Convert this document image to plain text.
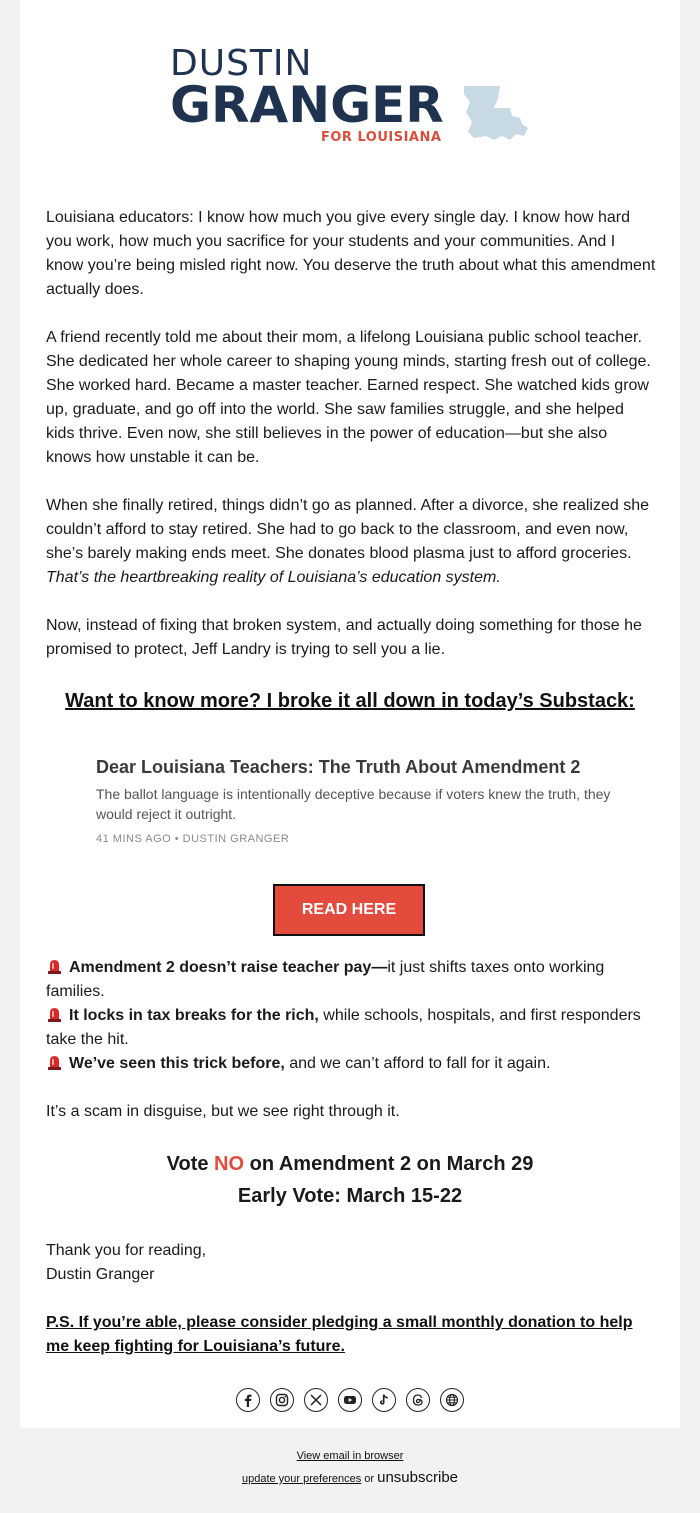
DUSTIN
GRANGER
FOR LOUISIANA

Louisiana educators: I know how much you give every single day. I know how hard you work, how much you sacrifice for your students and your communities. And I know you’re being misled right now. You deserve the truth about what this amendment actually does.

A friend recently told me about their mom, a lifelong Louisiana public school teacher. She dedicated her whole career to shaping young minds, starting fresh out of college. She worked hard. Became a master teacher. Earned respect. She watched kids grow up, graduate, and go off into the world. She saw families struggle, and she helped kids thrive. Even now, she still believes in the power of education—but she also knows how unstable it can be.

When she finally retired, things didn’t go as planned. After a divorce, she realized she couldn’t afford to stay retired. She had to go back to the classroom, and even now, she’s barely making ends meet. She donates blood plasma just to afford groceries. That’s the heartbreaking reality of Louisiana’s education system.

Now, instead of fixing that broken system, and actually doing something for those he promised to protect, Jeff Landry is trying to sell you a lie.

Want to know more? I broke it all down in today’s Substack:

Dear Louisiana Teachers: The Truth About Amendment 2

The ballot language is intentionally deceptive because if voters knew the truth, they would reject it outright.

41 MINS AGO • DUSTIN GRANGER
READ HERE

Amendment 2 doesn’t raise teacher pay—it just shifts taxes onto working families.
It locks in tax breaks for the rich, while schools, hospitals, and first responders take the hit.
We’ve seen this trick before, and we can’t afford to fall for it again.

It’s a scam in disguise, but we see right through it.

Vote NO on Amendment 2 on March 29
Early Vote: March 15-22

Thank you for reading,
Dustin Granger

P.S. If you’re able, please consider pledging a small monthly donation to help me keep fighting for Louisiana’s future.
View email in browser
update your preferences or unsubscribe
